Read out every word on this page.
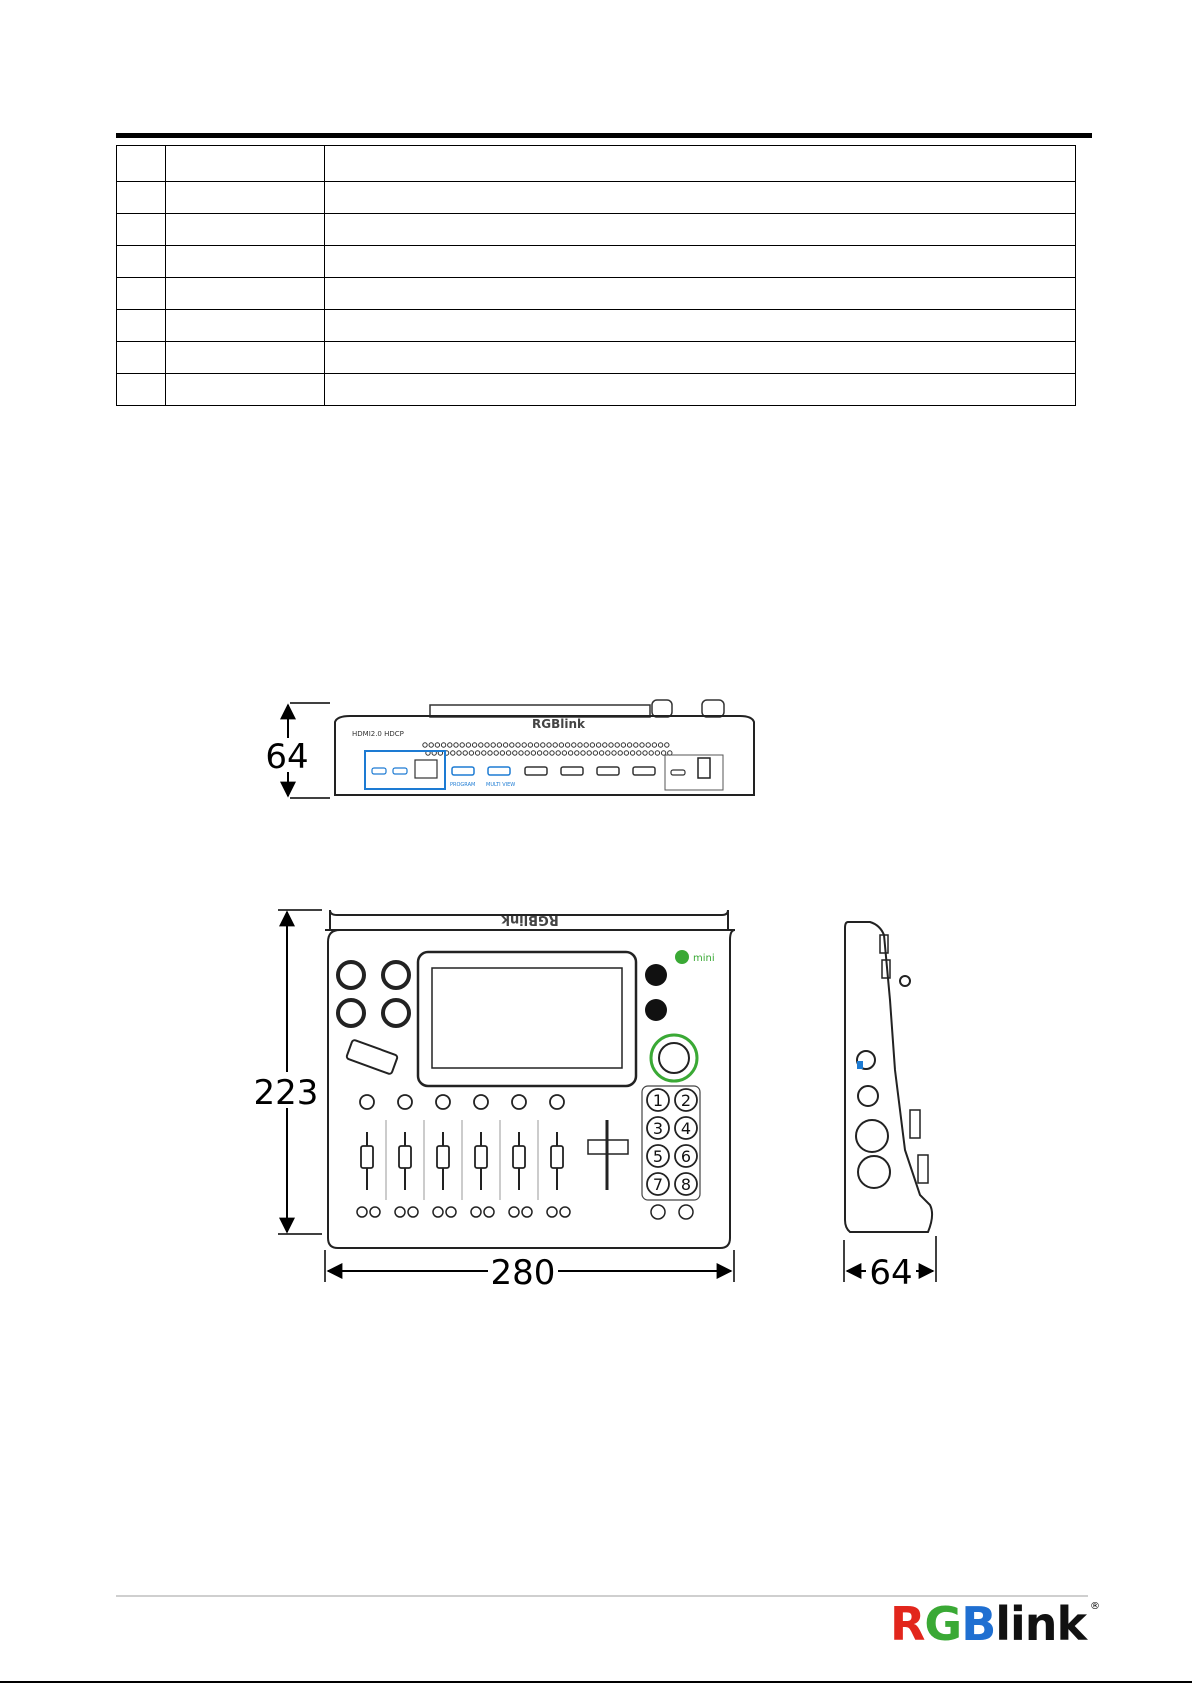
RGBlink
HDMI2.0 HDCP
PROGRAM MULTI VIEW
64
RGBlink
mini
1 2
3 4
5 6
7 8
223
280	64
RGBlink ®
